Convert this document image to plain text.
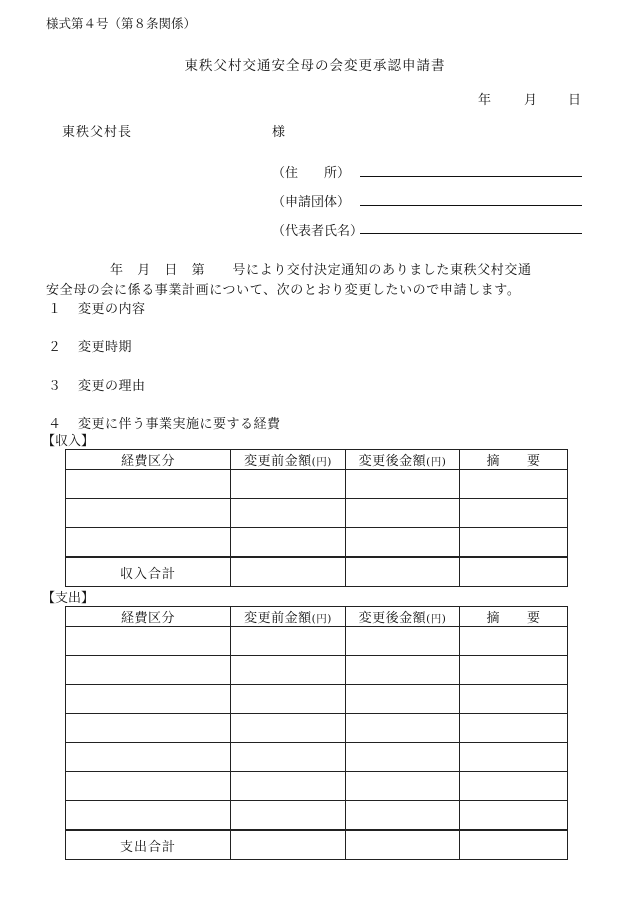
様式第４号（第８条関係）
東秩父村交通安全母の会変更承認申請書
年	月 日
東秩父村長	様
（住　　所）
（申請団体）
（代表者氏名）
年　月　日　第　　号により交付決定通知のありました東秩父村交通
安全母の会に係る事業計画について、次のとおり変更したいので申請します。
１ 変更の内容
２ 変更時期
３ 変更の理由
４ 変更に伴う事業実施に要する経費
【収入】
経費区分	変更前金額(円)	変更後金額(円)	摘　　要

収入合計			
【支出】
経費区分	変更前金額(円)	変更後金額(円)	摘　　要

支出合計			
